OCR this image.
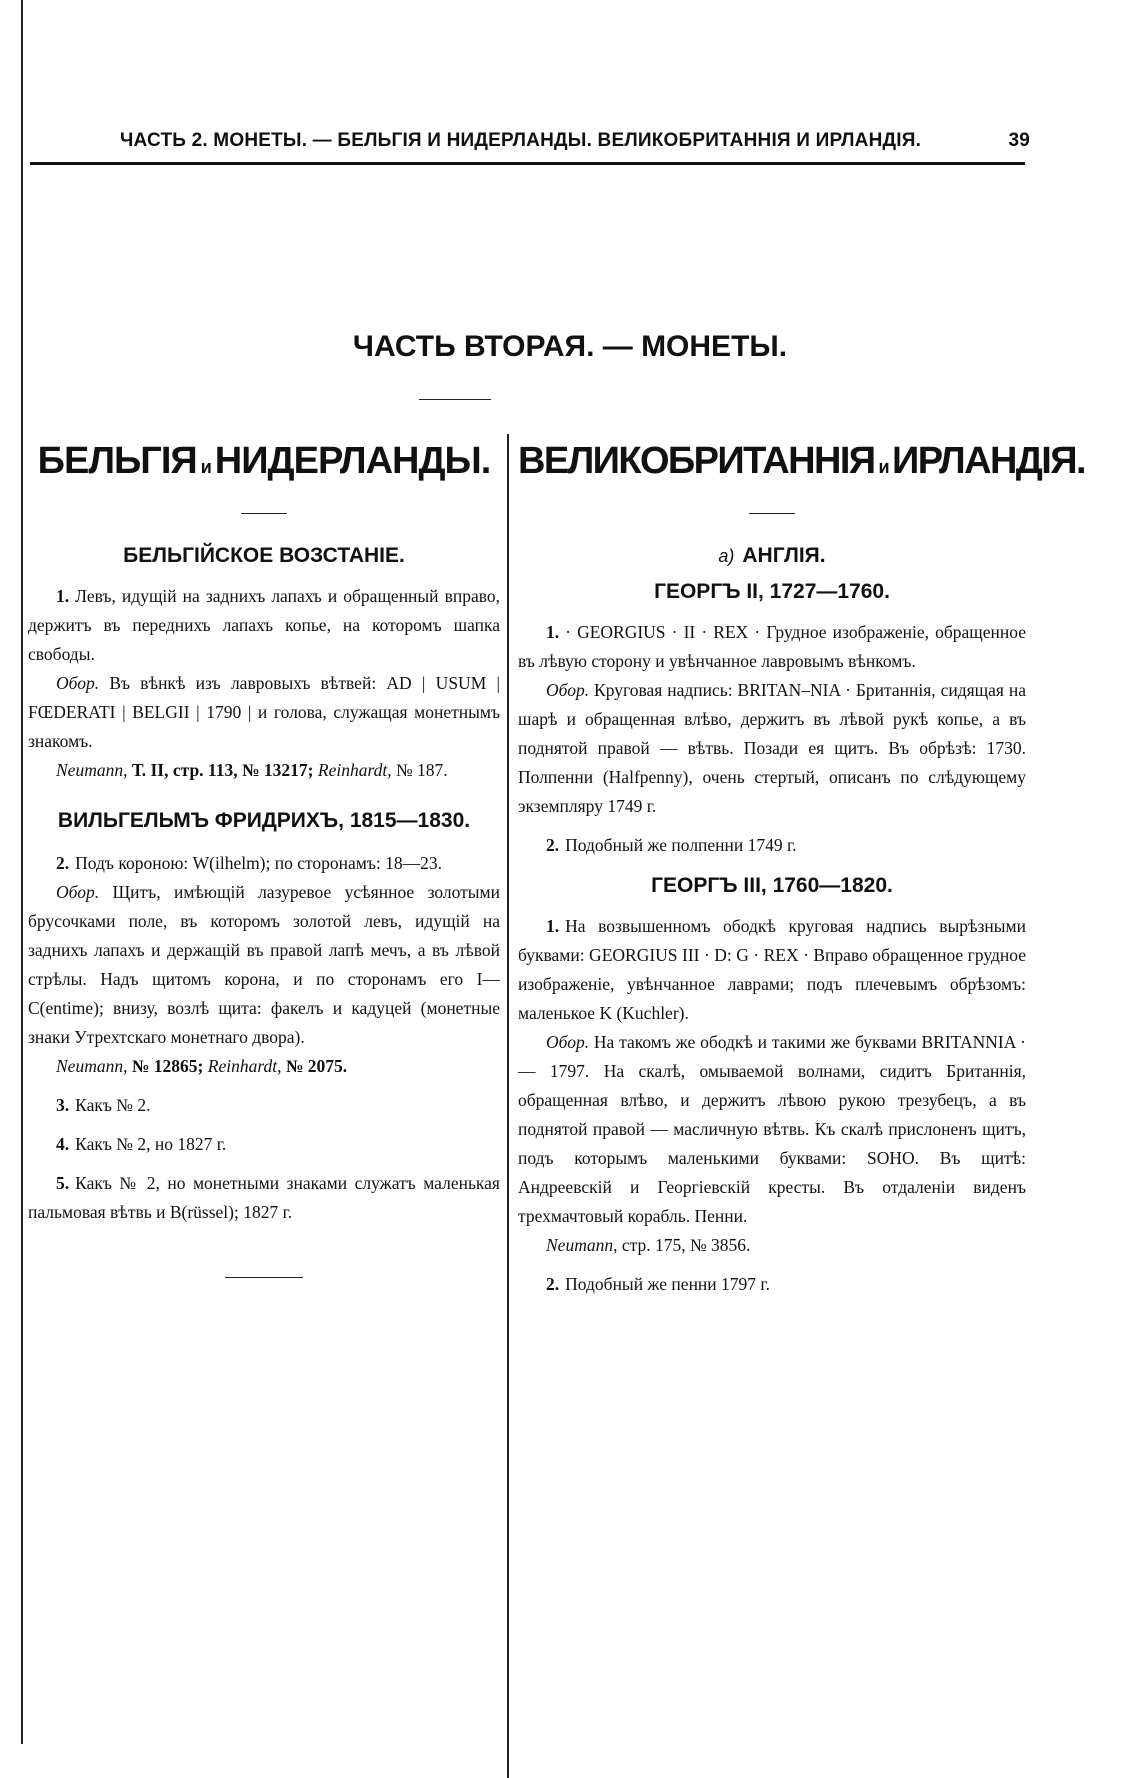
ЧАСТЬ 2. МОНЕТЫ. — БЕЛЬГІЯ И НИДЕРЛАНДЫ. ВЕЛИКОБРИТАННІЯ И ИРЛАНДІЯ.	39
ЧАСТЬ ВТОРАЯ. — МОНЕТЫ.
БЕЛЬГІЯ и НИДЕРЛАНДЫ.
БЕЛЬГІЙСКОЕ ВОЗСТАНІЕ.

1. Левъ, идущій на заднихъ лапахъ и обращенный вправо, держитъ въ переднихъ лапахъ копье, на которомъ шапка свободы.

Обор. Въ вѣнкѣ изъ лавровыхъ вѣтвей: AD | USUM | FŒDERATI | BELGII | 1790 | и голова, служащая монетнымъ знакомъ.

Neumann, Т. II, стр. 113, № 13217; Reinhardt, № 187.

ВИЛЬГЕЛЬМЪ ФРИДРИХЪ, 1815—1830.

2. Подъ короною: W(ilhelm); по сторонамъ: 18—23.

Обор. Щитъ, имѣющій лазуревое усѣянное золотыми брусочками поле, въ которомъ золотой левъ, идущій на заднихъ лапахъ и держащій въ правой лапѣ мечъ, а въ лѣвой стрѣлы. Надъ щитомъ корона, и по сторонамъ его I—C(entime); внизу, возлѣ щита: факелъ и кадуцей (монетные знаки Утрехтскаго монетнаго двора).

Neumann, № 12865; Reinhardt, № 2075.

3. Какъ № 2.

4. Какъ № 2, но 1827 г.

5. Какъ № 2, но монетными знаками служатъ маленькая пальмовая вѣтвь и B(rüssel); 1827 г.

ВЕЛИКОБРИТАННІЯ и ИРЛАНДІЯ.
a) АНГЛІЯ.
ГЕОРГЪ II, 1727—1760.

1. · GEORGIUS · II · REX · Грудное изображеніе, обращенное въ лѣвую сторону и увѣнчанное лавровымъ вѣнкомъ.

Обор. Круговая надпись: BRITAN–NIA · Британнія, сидящая на шарѣ и обращенная влѣво, держитъ въ лѣвой рукѣ копье, а въ поднятой правой — вѣтвь. Позади ея щитъ. Въ обрѣзѣ: 1730. Полпенни (Halfpenny), очень стертый, описанъ по слѣдующему экземпляру 1749 г.

2. Подобный же полпенни 1749 г.

ГЕОРГЪ III, 1760—1820.

1. На возвышенномъ ободкѣ круговая надпись вырѣзными буквами: GEORGIUS III · D: G · REX · Вправо обращенное грудное изображеніе, увѣнчанное лаврами; подъ плечевымъ обрѣзомъ: маленькое K (Kuchler).

Обор. На такомъ же ободкѣ и такими же буквами BRITANNIA · — 1797. На скалѣ, омываемой волнами, сидитъ Британнія, обращенная влѣво, и держитъ лѣвою рукою трезубецъ, а въ поднятой правой — масличную вѣтвь. Къ скалѣ прислоненъ щитъ, подъ которымъ маленькими буквами: SOHO. Въ щитѣ: Андреевскій и Георгіевскій кресты. Въ отдаленіи виденъ трехмачтовый корабль. Пенни.

Neumann, стр. 175, № 3856.

2. Подобный же пенни 1797 г.
